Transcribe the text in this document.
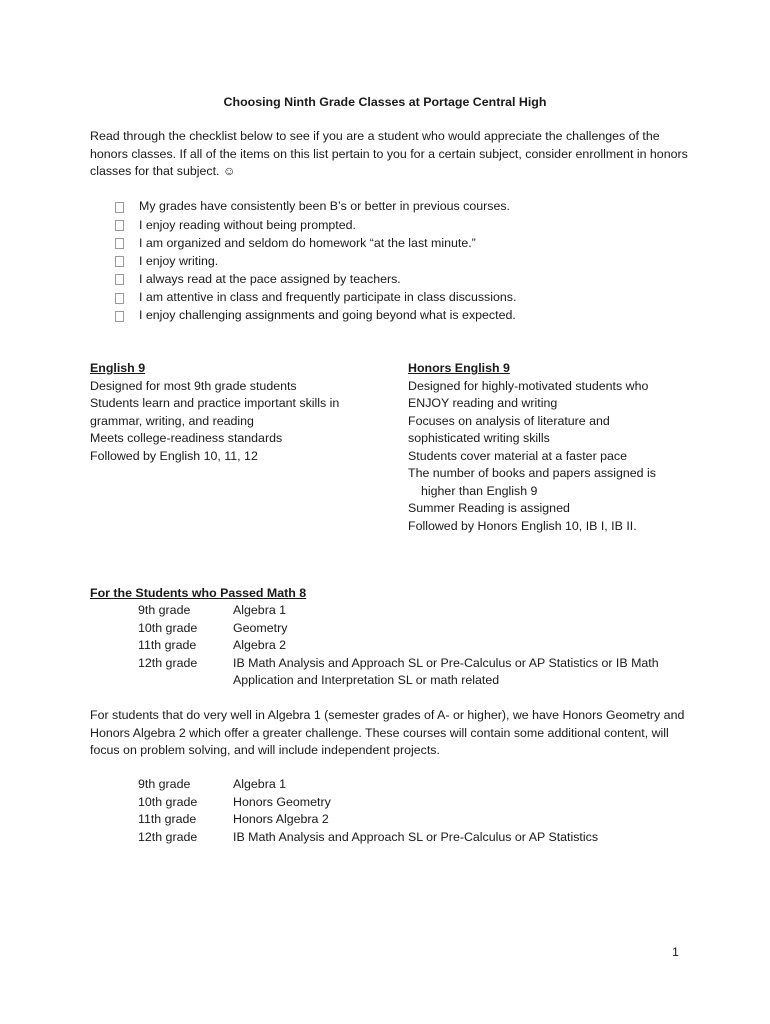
Choosing Ninth Grade Classes at Portage Central High
Read through the checklist below to see if you are a student who would appreciate the challenges of the honors classes. If all of the items on this list pertain to you for a certain subject, consider enrollment in honors classes for that subject. ☺
My grades have consistently been B’s or better in previous courses.
I enjoy reading without being prompted.
I am organized and seldom do homework “at the last minute.”
I enjoy writing.
I always read at the pace assigned by teachers.
I am attentive in class and frequently participate in class discussions.
I enjoy challenging assignments and going beyond what is expected.
English 9
Designed for most 9th grade students
Students learn and practice important skills in
grammar, writing, and reading
Meets college-readiness standards
Followed by English 10, 11, 12
Honors English 9
Designed for highly-motivated students who
ENJOY reading and writing
Focuses on analysis of literature and
sophisticated writing skills
Students cover material at a faster pace
The number of books and papers assigned is
higher than English 9
Summer Reading is assigned
Followed by Honors English 10, IB I, IB II.
For the Students who Passed Math 8
9th grade	Algebra 1
10th grade	Geometry
11th grade	Algebra 2
12th grade	IB Math Analysis and Approach SL or Pre-Calculus or AP Statistics or IB Math Application and Interpretation SL or math related
For students that do very well in Algebra 1 (semester grades of A- or higher), we have Honors Geometry and Honors Algebra 2 which offer a greater challenge. These courses will contain some additional content, will focus on problem solving, and will include independent projects.
9th grade	Algebra 1
10th grade	Honors Geometry
11th grade	Honors Algebra 2
12th grade	IB Math Analysis and Approach SL or Pre-Calculus or AP Statistics
1
